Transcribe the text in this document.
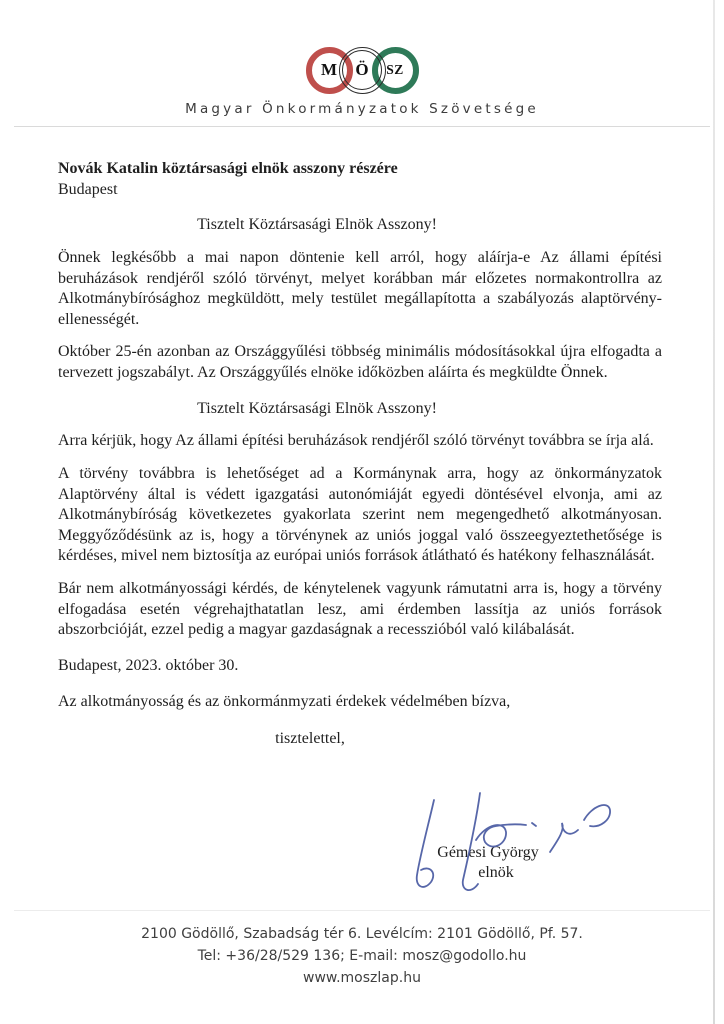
M Ö SZ
Magyar Önkormányzatok Szövetsége
Novák Katalin köztársasági elnök asszony részére
Budapest
Tisztelt Köztársasági Elnök Asszony!

Önnek legkésőbb a mai napon döntenie kell arról, hogy aláírja-e Az állami építési beruházások rendjéről szóló törvényt, melyet korábban már előzetes normakontrollra az Alkotmánybírósághoz megküldött, mely testület megállapította a szabályozás alaptörvény-ellenességét.

Október 25-én azonban az Országgyűlési többség minimális módosításokkal újra elfogadta a tervezett jogszabályt. Az Országgyűlés elnöke időközben aláírta és megküldte Önnek.

Tisztelt Köztársasági Elnök Asszony!

Arra kérjük, hogy Az állami építési beruházások rendjéről szóló törvényt továbbra se írja alá.

A törvény továbbra is lehetőséget ad a Kormánynak arra, hogy az önkormányzatok Alaptörvény által is védett igazgatási autonómiáját egyedi döntésével elvonja, ami az Alkotmánybíróság következetes gyakorlata szerint nem megengedhető alkotmányosan. Meggyőződésünk az is, hogy a törvénynek az uniós joggal való összeegyeztethetősége is kérdéses, mivel nem biztosítja az európai uniós források átlátható és hatékony felhasználását.

Bár nem alkotmányossági kérdés, de kénytelenek vagyunk rámutatni arra is, hogy a törvény elfogadása esetén végrehajthatatlan lesz, ami érdemben lassítja az uniós források abszorbcióját, ezzel pedig a magyar gazdaságnak a recesszióból való kilábalását.

Budapest, 2023. október 30.
Az alkotmányosság és az önkormánmyzati érdekek védelmében bízva,
tisztelettel,
Gémesi György
elnök
2100 Gödöllő, Szabadság tér 6. Levélcím: 2101 Gödöllő, Pf. 57.
Tel: +36/28/529 136; E-mail: mosz@godollo.hu
www.moszlap.hu
